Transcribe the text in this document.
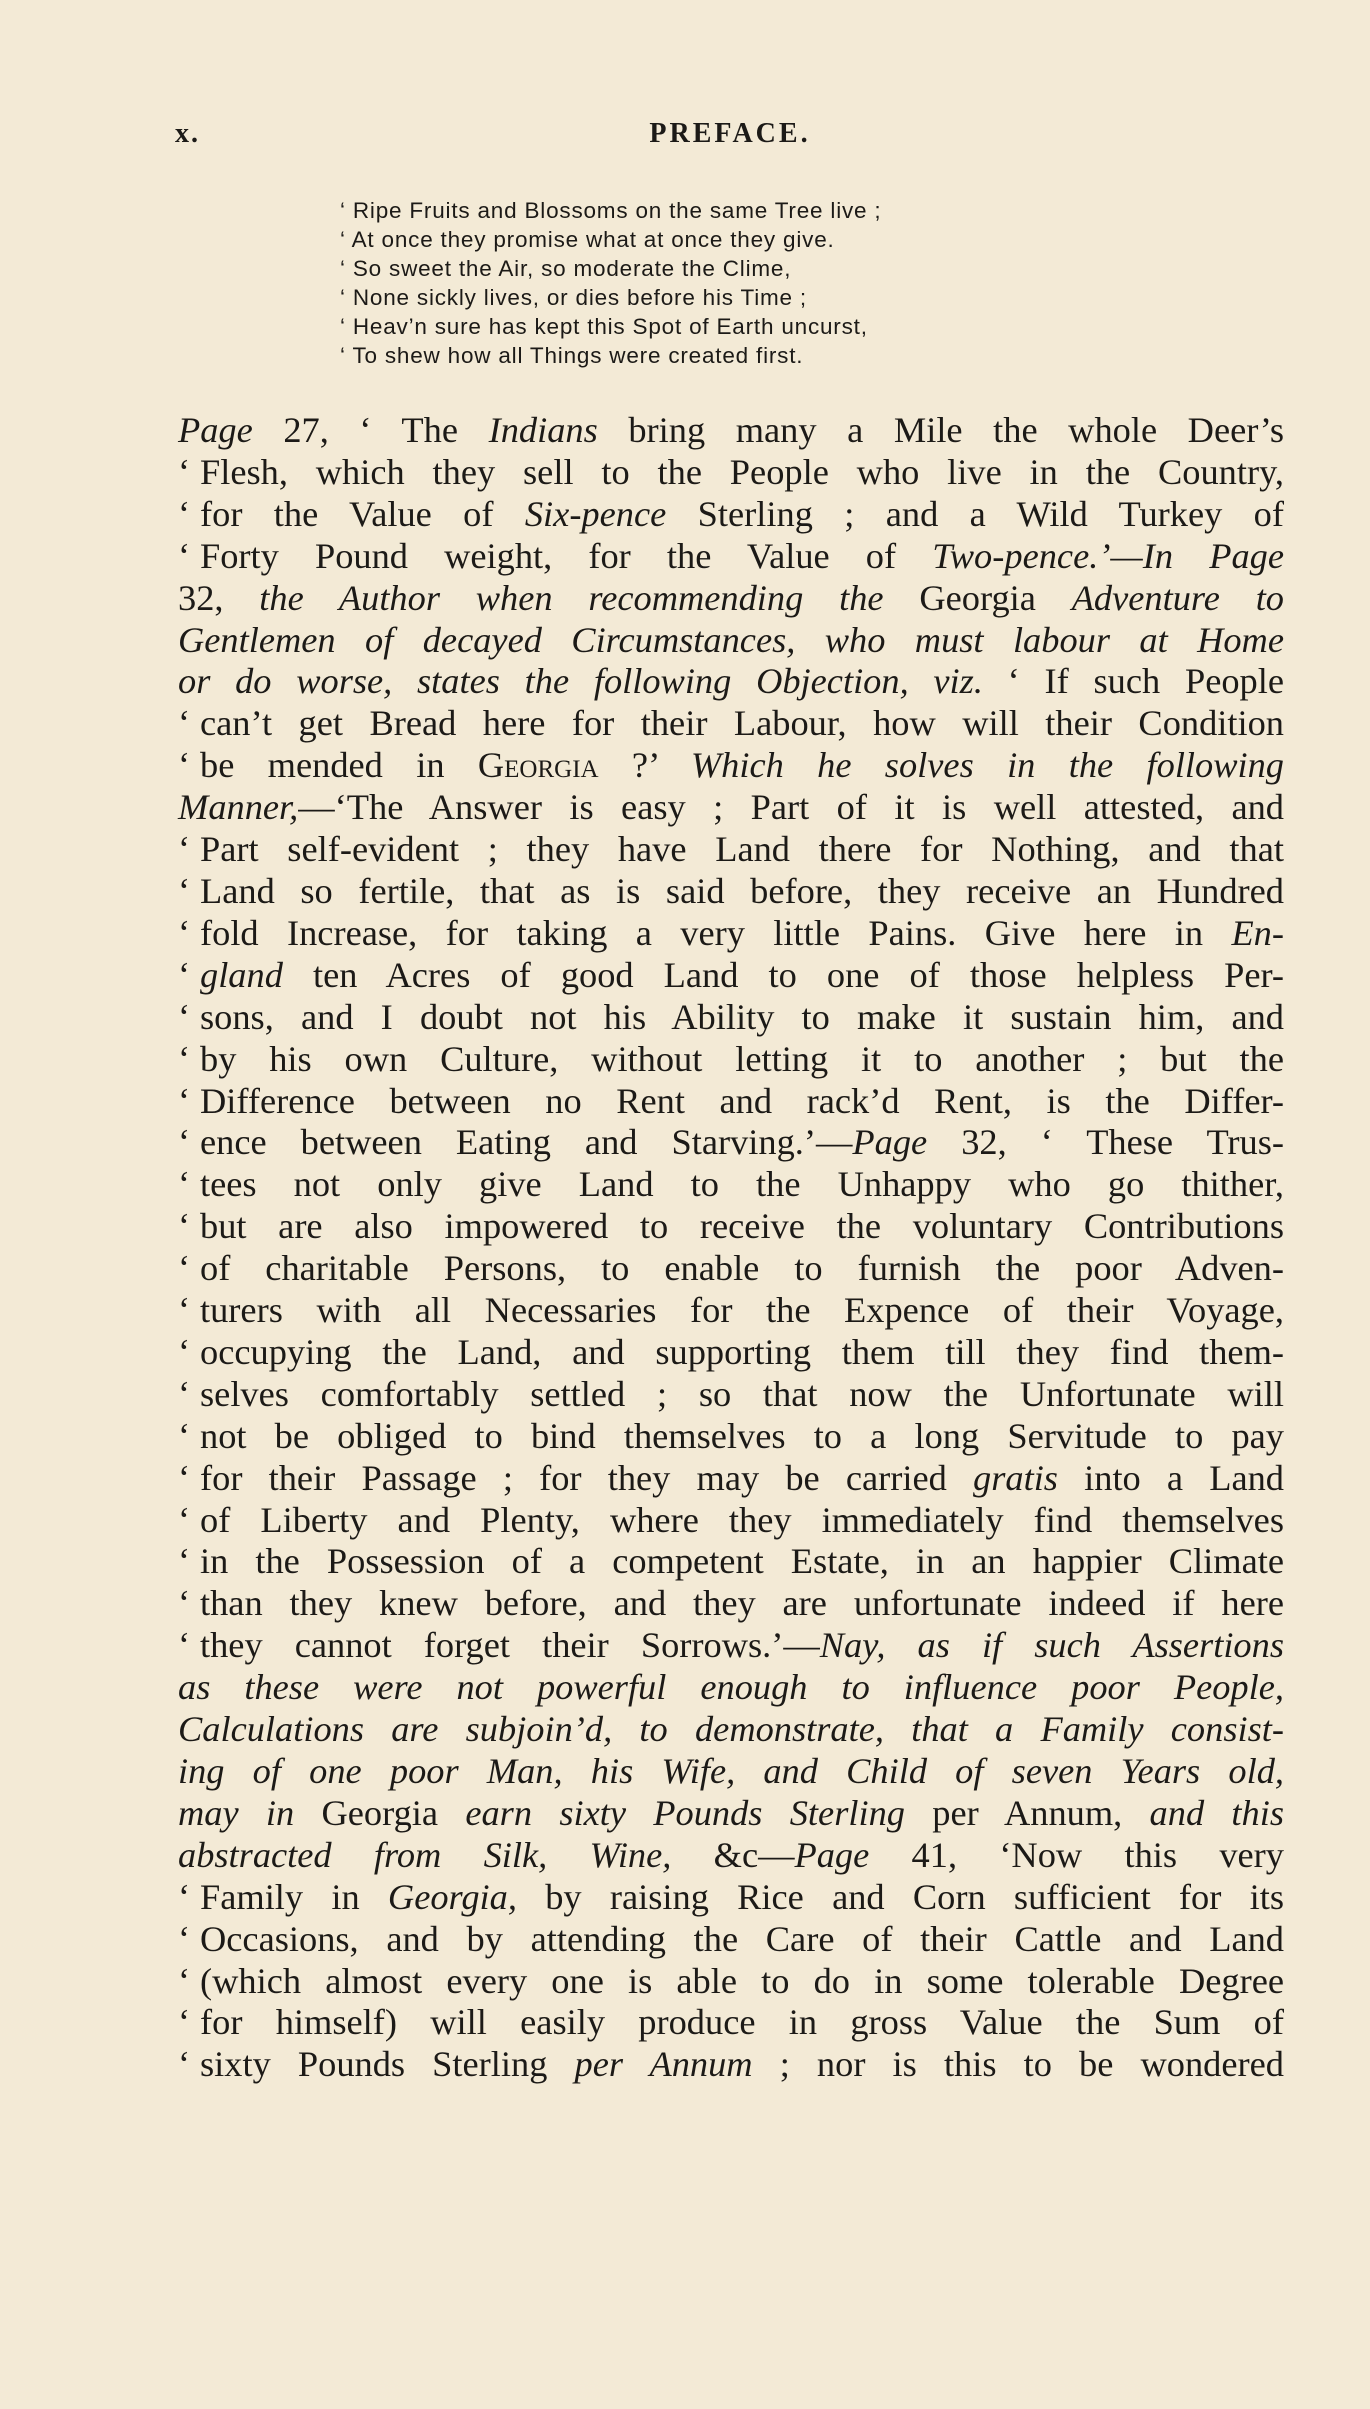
x.	PREFACE.
‘ Ripe Fruits and Blossoms on the same Tree live ;
‘ At once they promise what at once they give.
‘ So sweet the Air, so moderate the Clime,
‘ None sickly lives, or dies before his Time ;
‘ Heav’n sure has kept this Spot of Earth uncurst,
‘ To shew how all Things were created first.
Page 27, ‘ The Indians bring many a Mile the whole Deer’s
‘ Flesh, which they sell to the People who live in the Country,
‘ for the Value of Six-pence Sterling ; and a Wild Turkey of
‘ Forty Pound weight, for the Value of Two-pence.’—In Page
32, the Author when recommending the Georgia Adventure to
Gentlemen of decayed Circumstances, who must labour at Home
or do worse, states the following Objection, viz. ‘ If such People
‘ can’t get Bread here for their Labour, how will their Condition
‘ be mended in Georgia ?’ Which he solves in the following
Manner,—‘The Answer is easy ; Part of it is well attested, and
‘ Part self-evident ; they have Land there for Nothing, and that
‘ Land so fertile, that as is said before, they receive an Hundred
‘ fold Increase, for taking a very little Pains. Give here in En-
‘ gland ten Acres of good Land to one of those helpless Per-
‘ sons, and I doubt not his Ability to make it sustain him, and
‘ by his own Culture, without letting it to another ; but the
‘ Difference between no Rent and rack’d Rent, is the Differ-
‘ ence between Eating and Starving.’—Page 32, ‘ These Trus-
‘ tees not only give Land to the Unhappy who go thither,
‘ but are also impowered to receive the voluntary Contributions
‘ of charitable Persons, to enable to furnish the poor Adven-
‘ turers with all Necessaries for the Expence of their Voyage,
‘ occupying the Land, and supporting them till they find them-
‘ selves comfortably settled ; so that now the Unfortunate will
‘ not be obliged to bind themselves to a long Servitude to pay
‘ for their Passage ; for they may be carried gratis into a Land
‘ of Liberty and Plenty, where they immediately find themselves
‘ in the Possession of a competent Estate, in an happier Climate
‘ than they knew before, and they are unfortunate indeed if here
‘ they cannot forget their Sorrows.’—Nay, as if such Assertions
as these were not powerful enough to influence poor People,
Calculations are subjoin’d, to demonstrate, that a Family consist-
ing of one poor Man, his Wife, and Child of seven Years old,
may in Georgia earn sixty Pounds Sterling per Annum, and this
abstracted from Silk, Wine, &c—Page 41, ‘Now this very
‘ Family in Georgia, by raising Rice and Corn sufficient for its
‘ Occasions, and by attending the Care of their Cattle and Land
‘ (which almost every one is able to do in some tolerable Degree
‘ for himself) will easily produce in gross Value the Sum of
‘ sixty Pounds Sterling per Annum ; nor is this to be wondered
